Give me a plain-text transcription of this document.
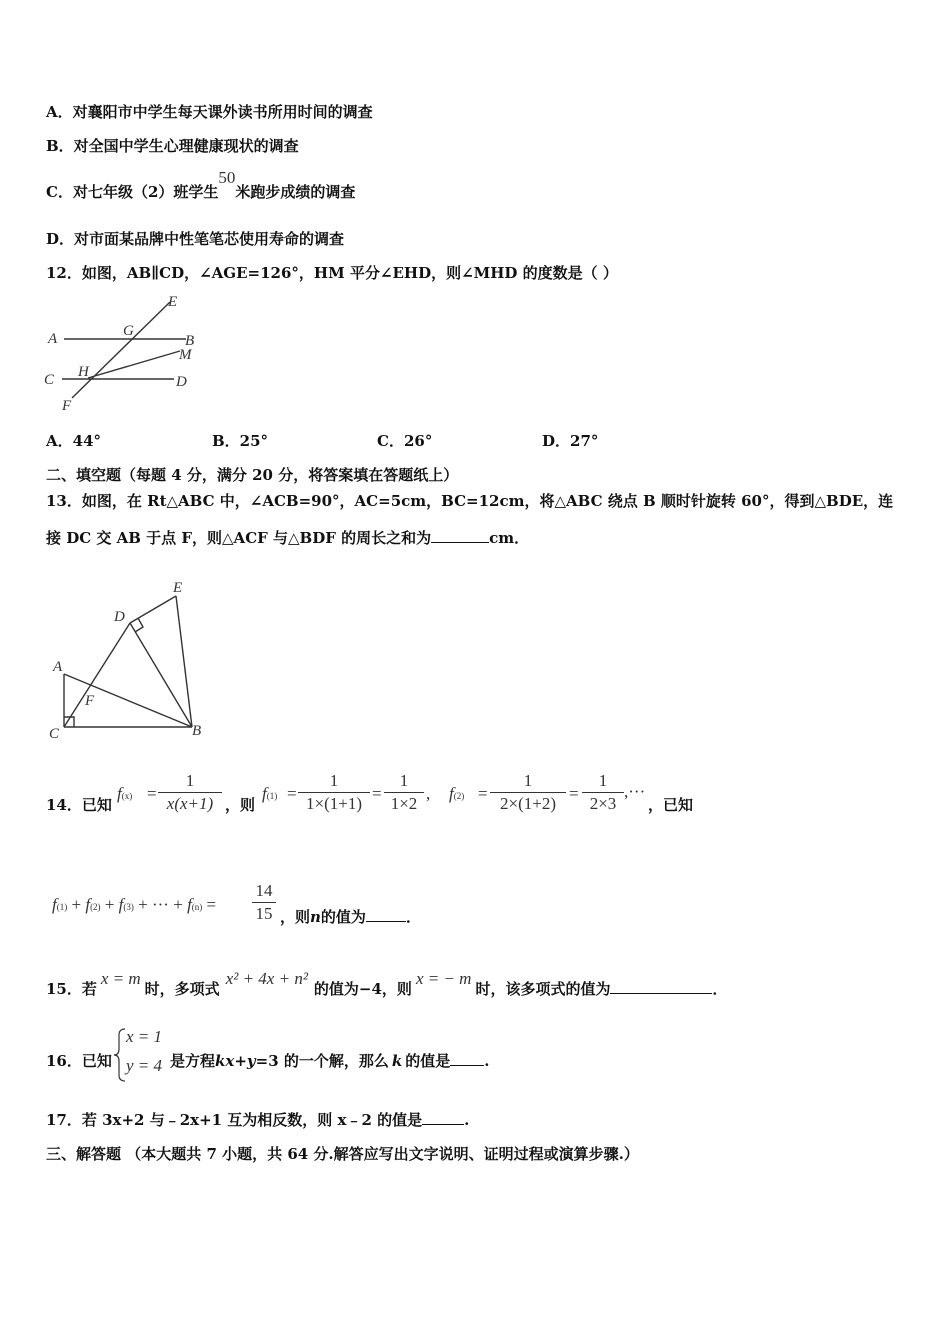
A．对襄阳市中学生每天课外读书所用时间的调查
B．对全国中学生心理健康现状的调查
C．对七年级（2）班学生50米跑步成绩的调查
D．对市面某品牌中性笔笔芯使用寿命的调查
12．如图，AB∥CD，∠AGE=126°，HM 平分∠EHD，则∠MHD 的度数是（ ）
A	G
E
B
M
H
C	D
F
A．44°	B．25°	C．26°	D．27°
二、填空题（每题 4 分，满分 20 分，将答案填在答题纸上）
13．如图，在 Rt△ABC 中，∠ACB=90°，AC=5cm，BC=12cm，将△ABC 绕点 B 顺时针旋转 60°，得到△BDE，连
接 DC 交 AB 于点 F，则△ACF 与△BDF 的周长之和为	cm．
E
D
A
F
C	B
14．已知
f(x) =
1
x(x+1) ，则
f(1) =
1
1×(1+1)
=
1
1×2
, f(2) =
1
2×(1+2)
=
1
2×3
,···
，已知
f(1) + f(2) + f(3) + ··· + f(n) =
14
15 ，则n的值为	．
15．若x = m时，多项式x² + 4x + n²的值为−4，则x = − m时，该多项式的值为	．
16．已知
x = 1
y = 4 是方程kx+y=3 的一个解，那么 k 的值是 .
17．若 3x+2 与﹣2x+1 互为相反数，则 x﹣2 的值是	.
三、解答题 （本大题共 7 小题，共 64 分.解答应写出文字说明、证明过程或演算步骤.）
